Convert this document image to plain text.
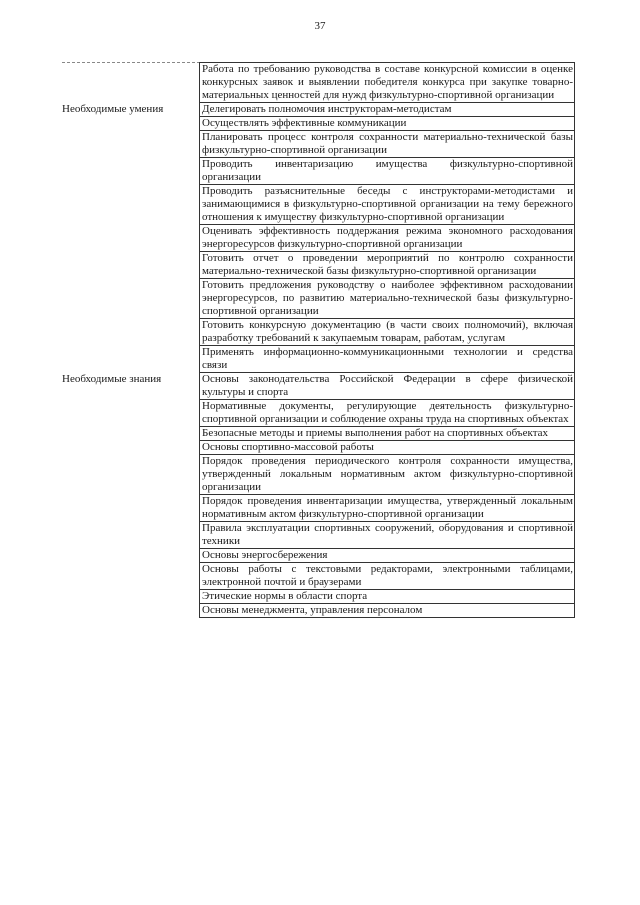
37
Работа по требованию руководства в составе конкурсной комиссии в оценке конкурсных заявок и выявлении победителя конкурса при закупке товарно-материальных ценностей для нужд физкультурно-спортивной организации
Необходимые умения	Делегировать полномочия инструкторам-методистам
Осуществлять эффективные коммуникации
Планировать процесс контроля сохранности материально-технической базы физкультурно-спортивной организации
Проводить инвентаризацию имущества физкультурно-спортивной организации
Проводить разъяснительные беседы с инструкторами-методистами и занимающимися в физкультурно-спортивной организации на тему бережного отношения к имуществу физкультурно-спортивной организации
Оценивать эффективность поддержания режима экономного расходования энергоресурсов физкультурно-спортивной организации
Готовить отчет о проведении мероприятий по контролю сохранности материально-технической базы физкультурно-спортивной организации
Готовить предложения руководству о наиболее эффективном расходовании энергоресурсов, по развитию материально-технической базы физкультурно-спортивной организации
Готовить конкурсную документацию (в части своих полномочий), включая разработку требований к закупаемым товарам, работам, услугам
Применять информационно-коммуникационными технологии и средства связи
Необходимые знания	Основы законодательства Российской Федерации в сфере физической культуры и спорта
Нормативные документы, регулирующие деятельность физкультурно-спортивной организации и соблюдение охраны труда на спортивных объектах
Безопасные методы и приемы выполнения работ на спортивных объектах
Основы спортивно-массовой работы
Порядок проведения периодического контроля сохранности имущества, утвержденный локальным нормативным актом физкультурно-спортивной организации
Порядок проведения инвентаризации имущества, утвержденный локальным нормативным актом физкультурно-спортивной организации
Правила эксплуатации спортивных сооружений, оборудования и спортивной техники
Основы энергосбережения
Основы работы с текстовыми редакторами, электронными таблицами, электронной почтой и браузерами
Этические нормы в области спорта
Основы менеджмента, управления персоналом
